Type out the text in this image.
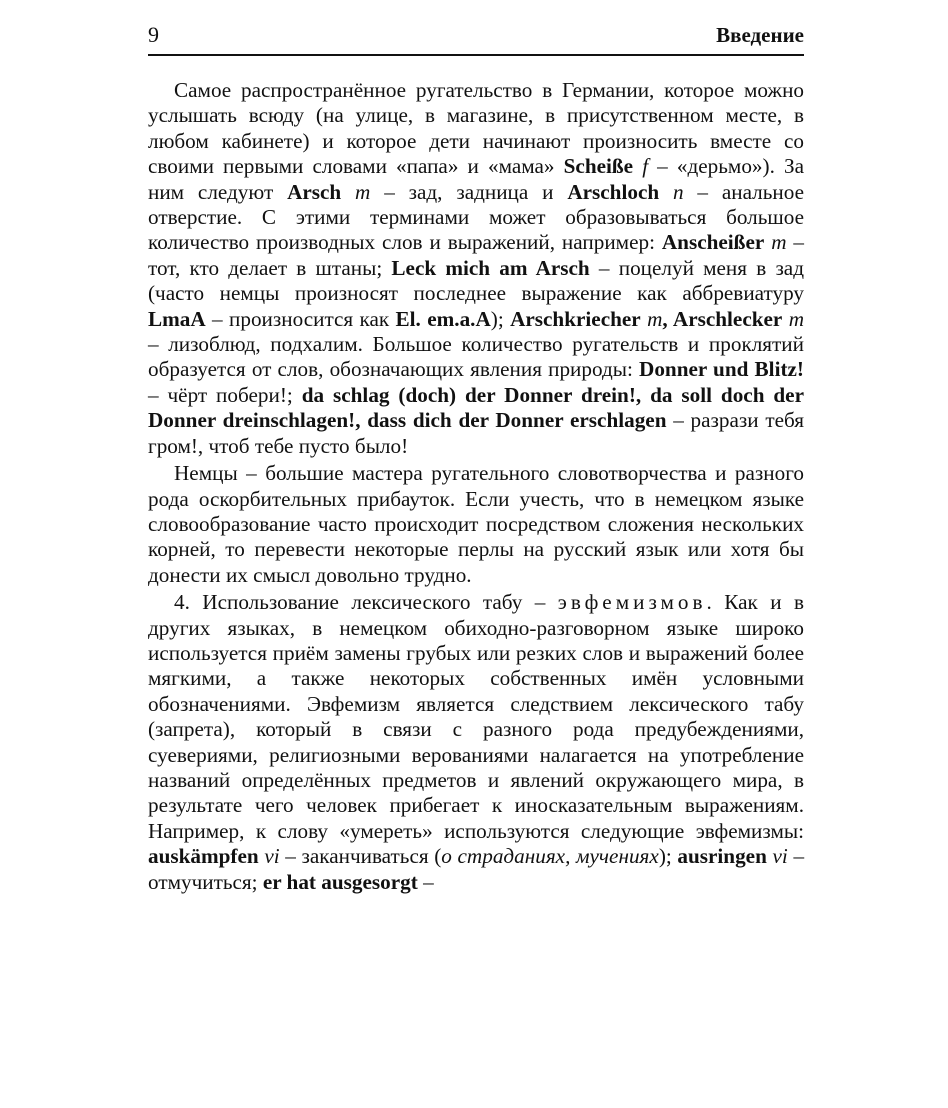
9	Введение

Самое распространённое ругательство в Германии, которое можно услышать всюду (на улице, в магазине, в присутственном месте, в любом кабинете) и которое дети начинают произносить вместе со своими первыми словами «папа» и «мама» Scheiße f – «дерьмо»). За ним следуют Arsch m – зад, задница и Arschloch n – анальное отверстие. С этими терминами может образовываться большое количество производных слов и выражений, например: Anscheißer m – тот, кто делает в штаны; Leck mich am Arsch – поцелуй меня в зад (часто немцы произносят последнее выражение как аббревиатуру LmaA – произносится как El. em.a.A); Arschkriecher m, Arschlecker m – лизоблюд, подхалим. Большое количество ругательств и проклятий образуется от слов, обозначающих явления природы: Donner und Blitz! – чёрт побери!; da schlag (doch) der Donner drein!, da soll doch der Donner dreinschlagen!, dass dich der Donner erschlagen – разрази тебя гром!, чтоб тебе пусто было!

Немцы – большие мастера ругательного словотворчества и разного рода оскорбительных прибауток. Если учесть, что в немецком языке словообразование часто происходит посредством сложения нескольких корней, то перевести некоторые перлы на русский язык или хотя бы донести их смысл довольно трудно.

4. Использование лексического табу – эвфемизмов. Как и в других языках, в немецком обиходно-разговорном языке широко используется приём замены грубых или резких слов и выражений более мягкими, а также некоторых собственных имён условными обозначениями. Эвфемизм является следствием лексического табу (запрета), который в связи с разного рода предубеждениями, суевериями, религиозными верованиями налагается на употребление названий определённых предметов и явлений окружающего мира, в результате чего человек прибегает к иносказательным выражениям. Например, к слову «умереть» используются следующие эвфемизмы: auskämpfen vi – заканчиваться (о страданиях, мучениях); ausringen vi – отмучиться; er hat ausgesorgt –
